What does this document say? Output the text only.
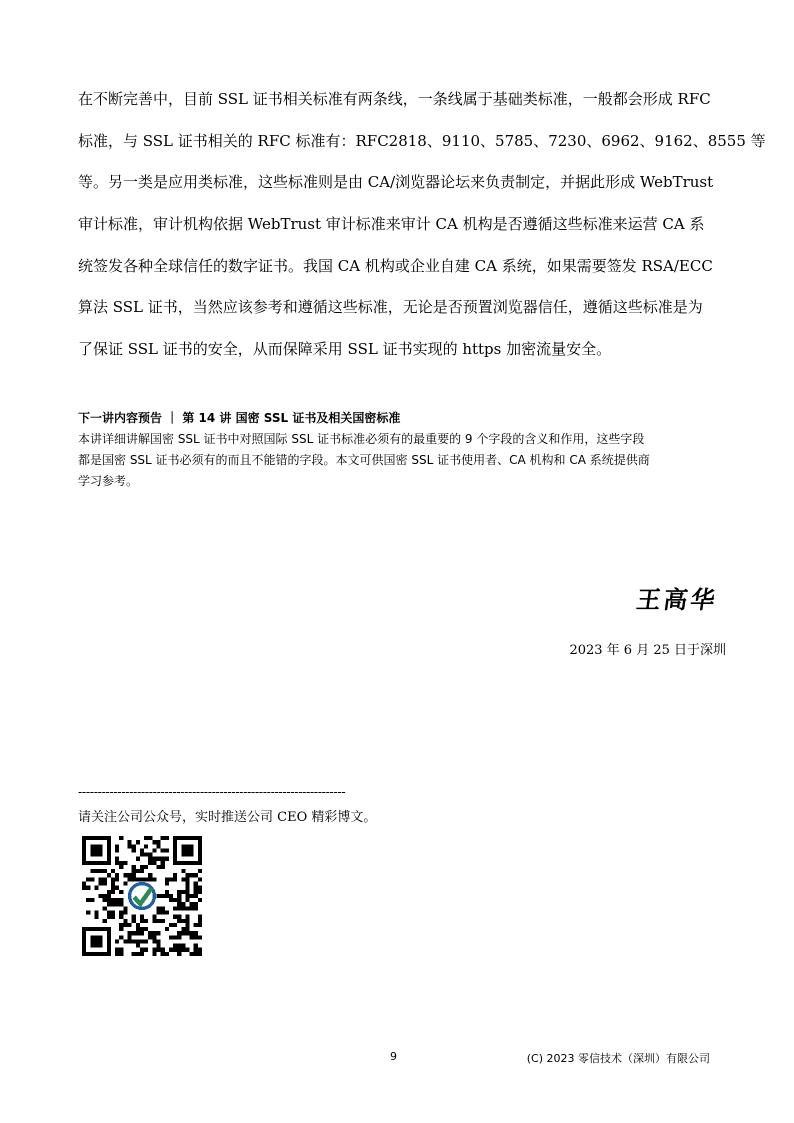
在不断完善中，目前 SSL 证书相关标准有两条线，一条线属于基础类标准，一般都会形成 RFC
标准，与 SSL 证书相关的 RFC 标准有：RFC2818、9110、5785、7230、6962、9162、8555 等
等。另一类是应用类标准，这些标准则是由 CA/浏览器论坛来负责制定，并据此形成 WebTrust
审计标准，审计机构依据 WebTrust 审计标准来审计 CA 机构是否遵循这些标准来运营 CA 系
统签发各种全球信任的数字证书。我国 CA 机构或企业自建 CA 系统，如果需要签发 RSA/ECC
算法 SSL 证书，当然应该参考和遵循这些标准，无论是否预置浏览器信任，遵循这些标准是为
了保证 SSL 证书的安全，从而保障采用 SSL 证书实现的 https 加密流量安全。
下一讲内容预告 ｜ 第 14 讲 国密 SSL 证书及相关国密标准
本讲详细讲解国密 SSL 证书中对照国际 SSL 证书标准必须有的最重要的 9 个字段的含义和作用，这些字段
都是国密 SSL 证书必须有的而且不能错的字段。本文可供国密 SSL 证书使用者、CA 机构和 CA 系统提供商
学习参考。
王高华
2023 年 6 月 25 日于深圳
--------------------------------------------------------------------
请关注公司公众号，实时推送公司 CEO 精彩博文。
9	(C) 2023 零信技术（深圳）有限公司
